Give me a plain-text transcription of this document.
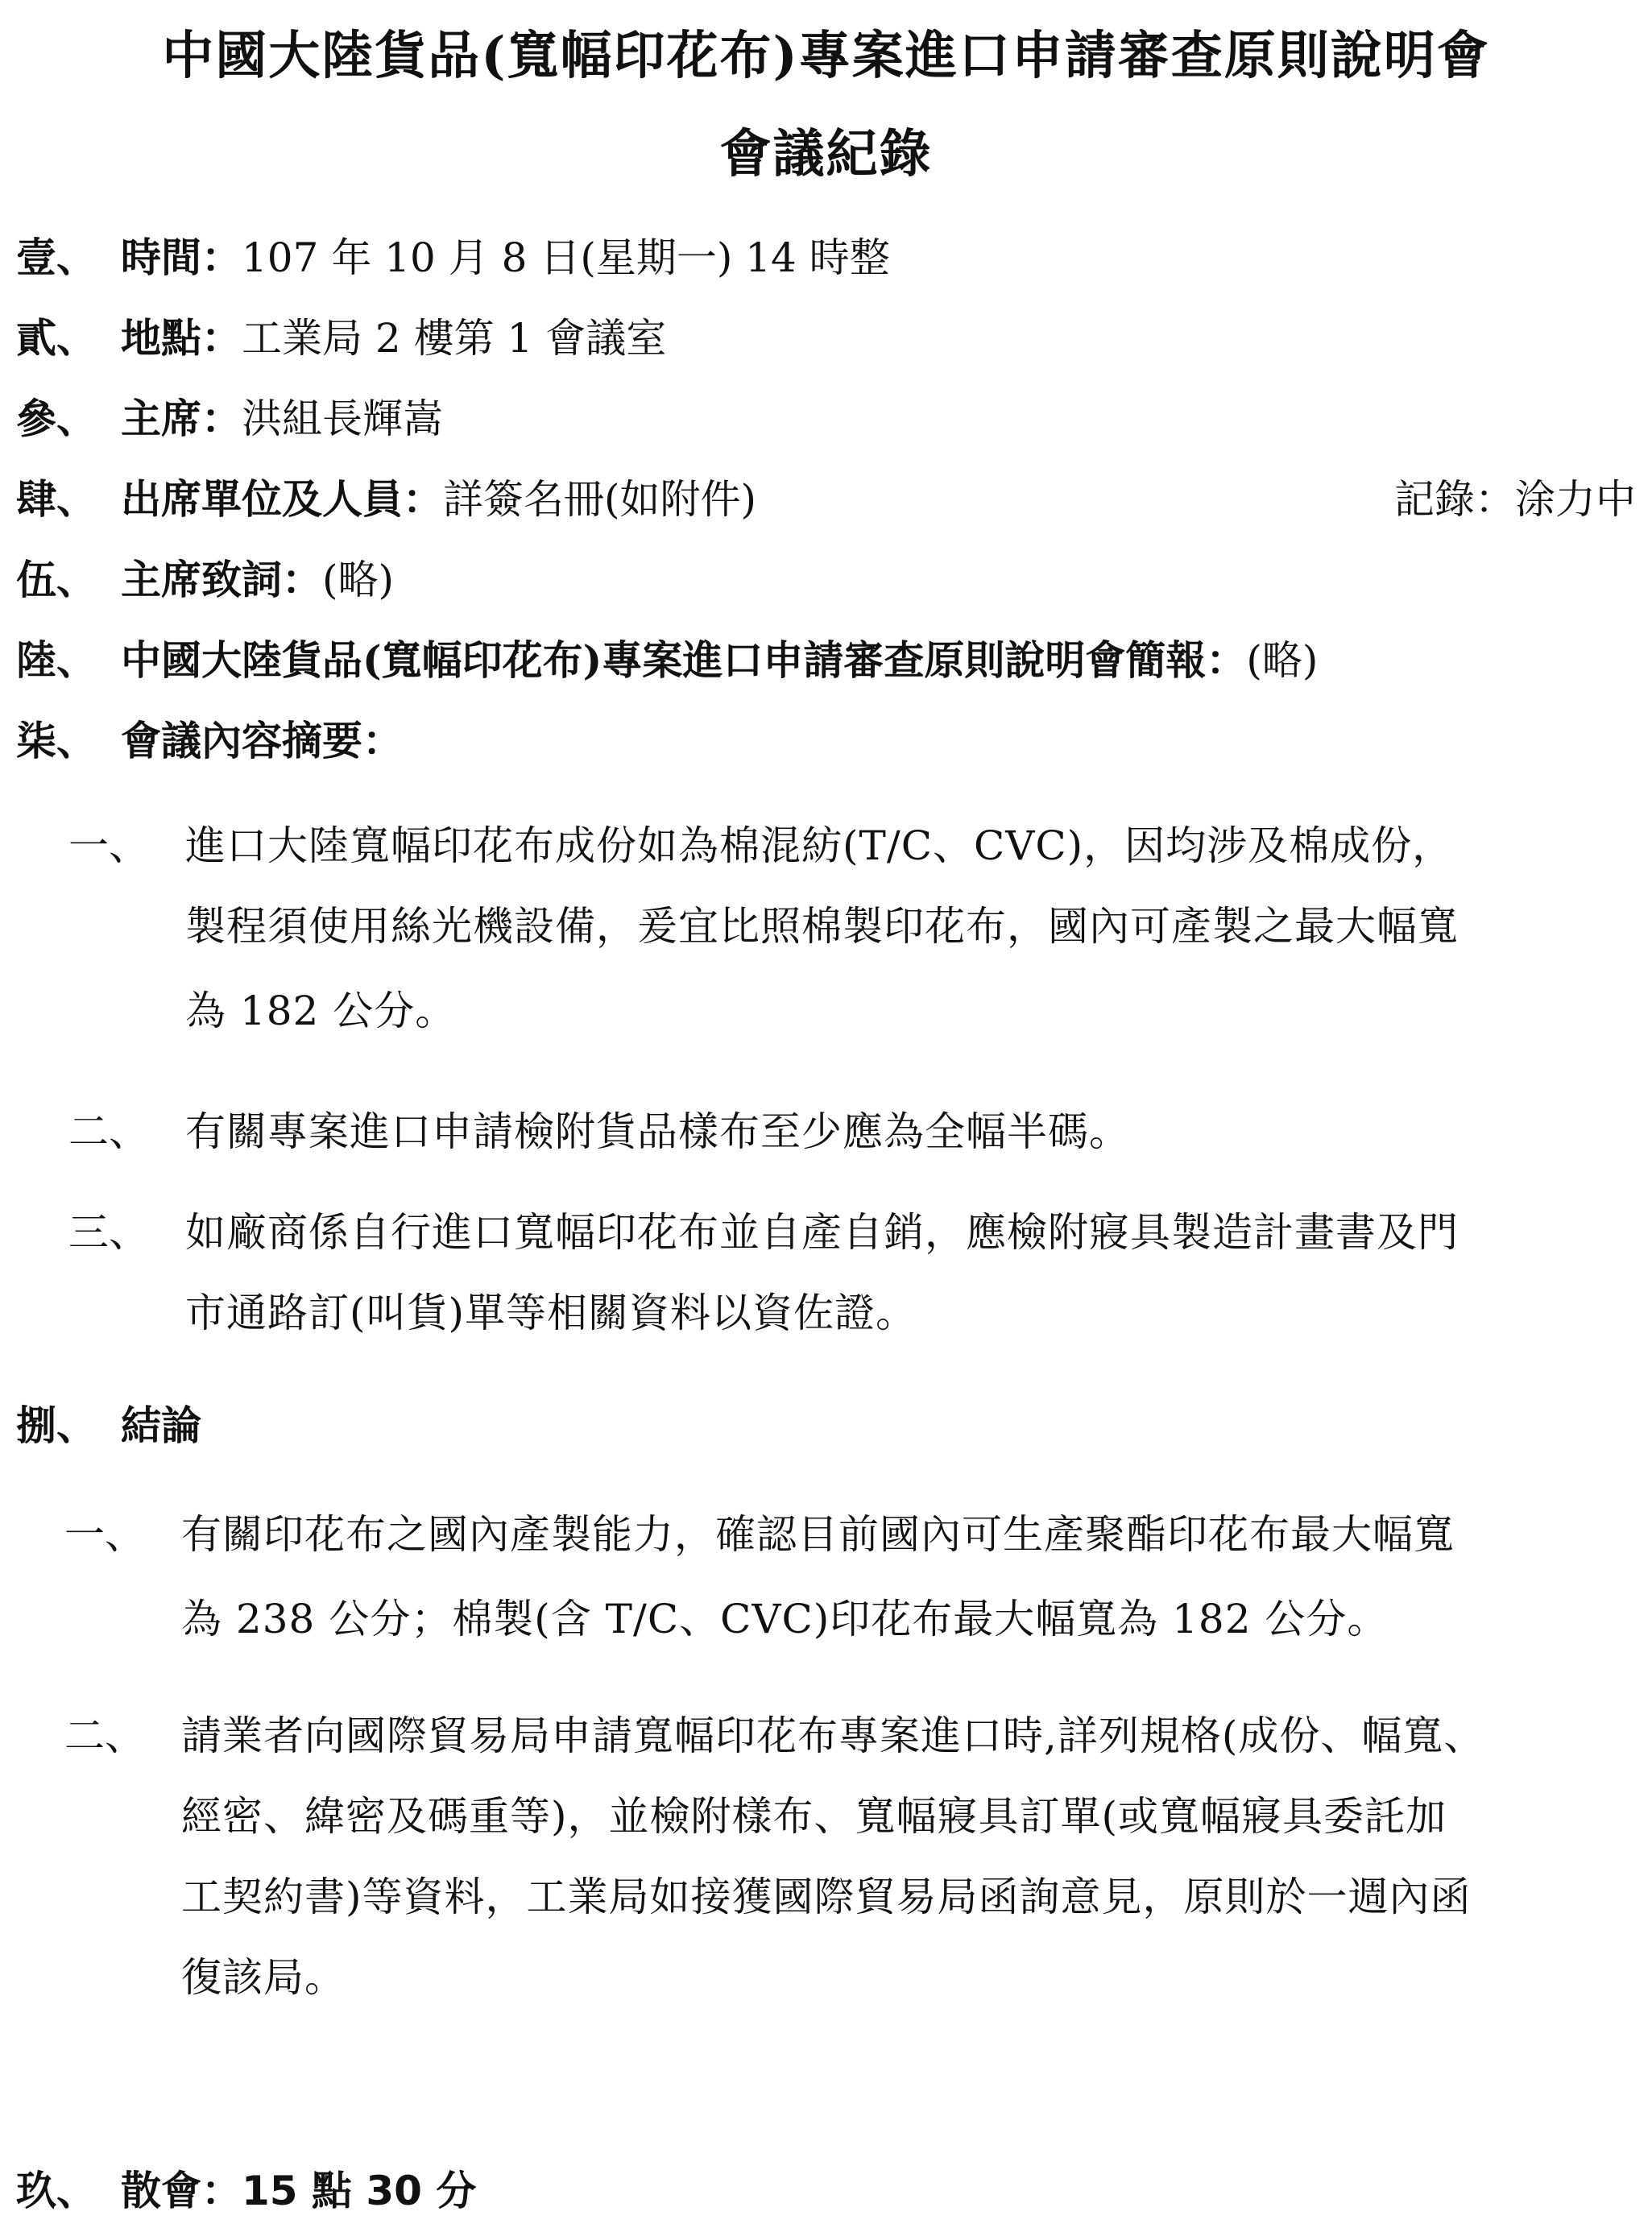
中國大陸貨品(寬幅印花布)專案進口申請審查原則說明會
會議紀錄
壹、 時間：107 年 10 月 8 日(星期一) 14 時整
貳、 地點：工業局 2 樓第 1 會議室
參、 主席：洪組長輝嵩
肆、 出席單位及人員：詳簽名冊(如附件)	記錄：涂力中
伍、 主席致詞：(略)
陸、 中國大陸貨品(寬幅印花布)專案進口申請審查原則說明會簡報：(略)
柒、 會議內容摘要：
一、 進口大陸寬幅印花布成份如為棉混紡(T/C、CVC)，因均涉及棉成份，
製程須使用絲光機設備，爰宜比照棉製印花布，國內可產製之最大幅寬
為 182 公分。
二、 有關專案進口申請檢附貨品樣布至少應為全幅半碼。
三、 如廠商係自行進口寬幅印花布並自產自銷，應檢附寢具製造計畫書及門
市通路訂(叫貨)單等相關資料以資佐證。
捌、 結論
一、 有關印花布之國內產製能力，確認目前國內可生產聚酯印花布最大幅寬
為 238 公分；棉製(含 T/C、CVC)印花布最大幅寬為 182 公分。
二、 請業者向國際貿易局申請寬幅印花布專案進口時,詳列規格(成份、幅寬、
經密、緯密及碼重等)，並檢附樣布、寬幅寢具訂單(或寬幅寢具委託加
工契約書)等資料，工業局如接獲國際貿易局函詢意見，原則於一週內函
復該局。
玖、 散會：15 點 30 分
